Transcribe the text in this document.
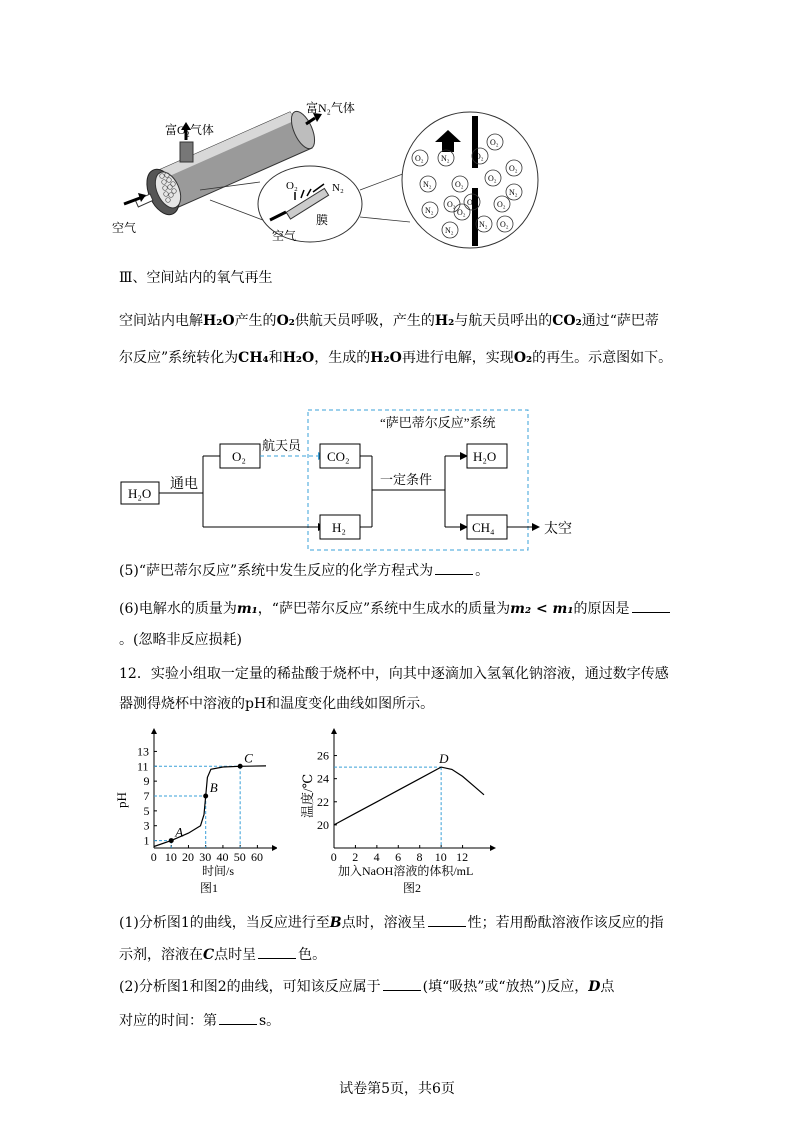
富O₂气体
富N₂气体
空气
O₂	N₂
膜
空气
O₂ N₂	O₂
O₂
O₂
N₂
N₂	O₂
O₂
N₂
O₂ O₂
N₂
O₂
O₂
N₂
O₂
Ⅲ、空间站内的氧气再生
空间站内电解H₂O产生的O₂供航天员呼吸，产生的H₂与航天员呼出的CO₂通过“萨巴蒂
尔反应”系统转化为CH₄和H₂O，生成的H₂O再进行电解，实现O₂的再生。示意图如下。
“萨巴蒂尔反应”系统
H₂O
通电
O₂
航天员
CO₂
H₂
一定条件
H₂O
CH₄	太空
(5)“萨巴蒂尔反应”系统中发生反应的化学方程式为	。
(6)电解水的质量为m₁，“萨巴蒂尔反应”系统中生成水的质量为m₂ < m₁的原因是
。(忽略非反应损耗)
12．实验小组取一定量的稀盐酸于烧杯中，向其中逐滴加入氢氧化钠溶液，通过数字传感
器测得烧杯中溶液的pH和温度变化曲线如图所示。
0 10 20 30 40 50 60
1
3
5
7
9
11
13
A
B
C
时间/s
pH
图1
0 2 4 6 8 10 12
20
22
24
26	D
加入NaOH溶液的体积/mL
温度/℃
图2
(1)分析图1的曲线，当反应进行至B点时，溶液呈	性；若用酚酞溶液作该反应的指
示剂，溶液在C点时呈	色。
(2)分析图1和图2的曲线，可知该反应属于	(填“吸热”或“放热”)反应，D点
对应的时间：第	s。
试卷第5页，共6页
